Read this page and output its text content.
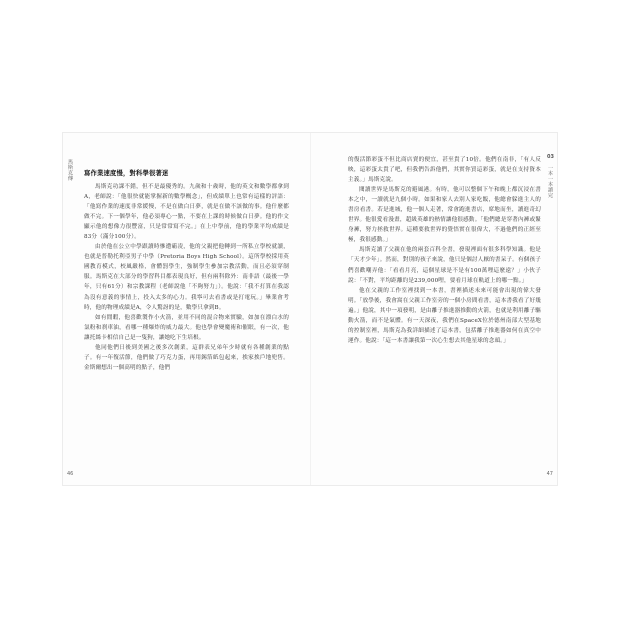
馬斯克傳 寫作業速度慢，對科學很著迷

馬斯克功課不錯，但不是最優秀的。九歲和十歲時，他的英文和數學都拿到A，老師說：「他很快就能掌握新的數學概念」，但成績單上也常有這樣的評語：「他寫作業的速度非常緩慢，不是在做白日夢，就是在做不該做的事。他什麼都做不完。下一個學年，他必須專心一點，不要在上課的時候做白日夢。他的作文顯示他的想像力很豐富，只是常常寫不完。」在上中學前，他的學業平均成績是83分（滿分100分）。

由於他在公立中學跟讀時慘遭霸凌，他的父親把他轉到一所私立學校就讀，也就是普勒托利亞男子中學（Pretoria Boys High School）。這所學校採用英國教育模式，校風嚴格，會體罰學生，強制學生參加宗教活動，而且必須穿制服。馬斯克在大部分的學習科目都表現良好，但有兩科除外：南非語（最後一學年，只有61分）和宗教課程（老師說他「不夠努力」）。他說：「我不打算在我認為沒有意義的事情上，投入太多的心力。我寧可去看書或是打電玩。」畢業會考時，他的物理成績是A，令人驚訝的是，數學只拿到B。

如有閒暇，他喜歡製作小火箭，並用不同的混合物來實驗，如加在漂白水的氯粉和刹車油，看哪一種爆炸的威力最大。他也學會變魔術和催眠，有一次，他讓托絲卡相信自己是一隻狗，讓她吃下生培根。

他同他們日後到美國之後多次創業，這群表兄弟年少時就有各種創業的點子。有一年復活節，他們做了巧克力蛋，再用錫箔紙包起來，挨家挨戶地兜售。金斯爾想出一個高明的點子，他們

46
03
一本一本讀完

的復活節彩蛋不但比商店賣的便宜，甚至貴了10倍。他們在南非，「有人反映，這彩蛋太貴了吧，但我們告訴他們，其實你買這彩蛋，就是在支持資本主義。」馬斯克說。

閱讀世界是馬斯克的避風港。有時，他可以整個下午和晚上都沉浸在書本之中，一讀就是九個小時。如果和家人去別人家吃飯，他總會躲進主人的書房看書。若是進城，他一個人走著，常會跑進書店，席地而坐，讀進奇幻世界。他很愛看漫畫，超級英雄的熱情讓他很感動。「他們總是穿著內褲或緊身褲，努力拯救世界。這種要救世界的覺悟實在很偉大，不過他們的正經至極，我很感動。」

馬斯克讀了父親在他的兩套百科全書，發現裡面有很多科學知識。他是「天才少年」。然而，對別的孩子來說，他只是個討人厭的書呆子。有個孩子們喜歡嘲弄他：「看看月亮，這個星球是不是有100萬哩這麼遠？」小伙子說：「不對，平均距離約是239,000哩，要看月球在軌道上的哪一點。」

他在父親的工作室裡找到一本書，書裡描述未來可能會出現的偉大發明。「放學後，我會窩在父親工作室旁的一個小房間看書，這本書我看了好幾遍。」他說，其中一項發明，是由離子推進器推動的火箭，也就是利用離子驅動火箭，而不是氣體。有一天深夜，我們在SpaceX位於德州南部大型基地的控制室裡，馬斯克為我詳細描述了這本書，包括離子推進器如何在真空中運作。他說：「這一本書讓我第一次心生想去其他星球的念頭。」

47
